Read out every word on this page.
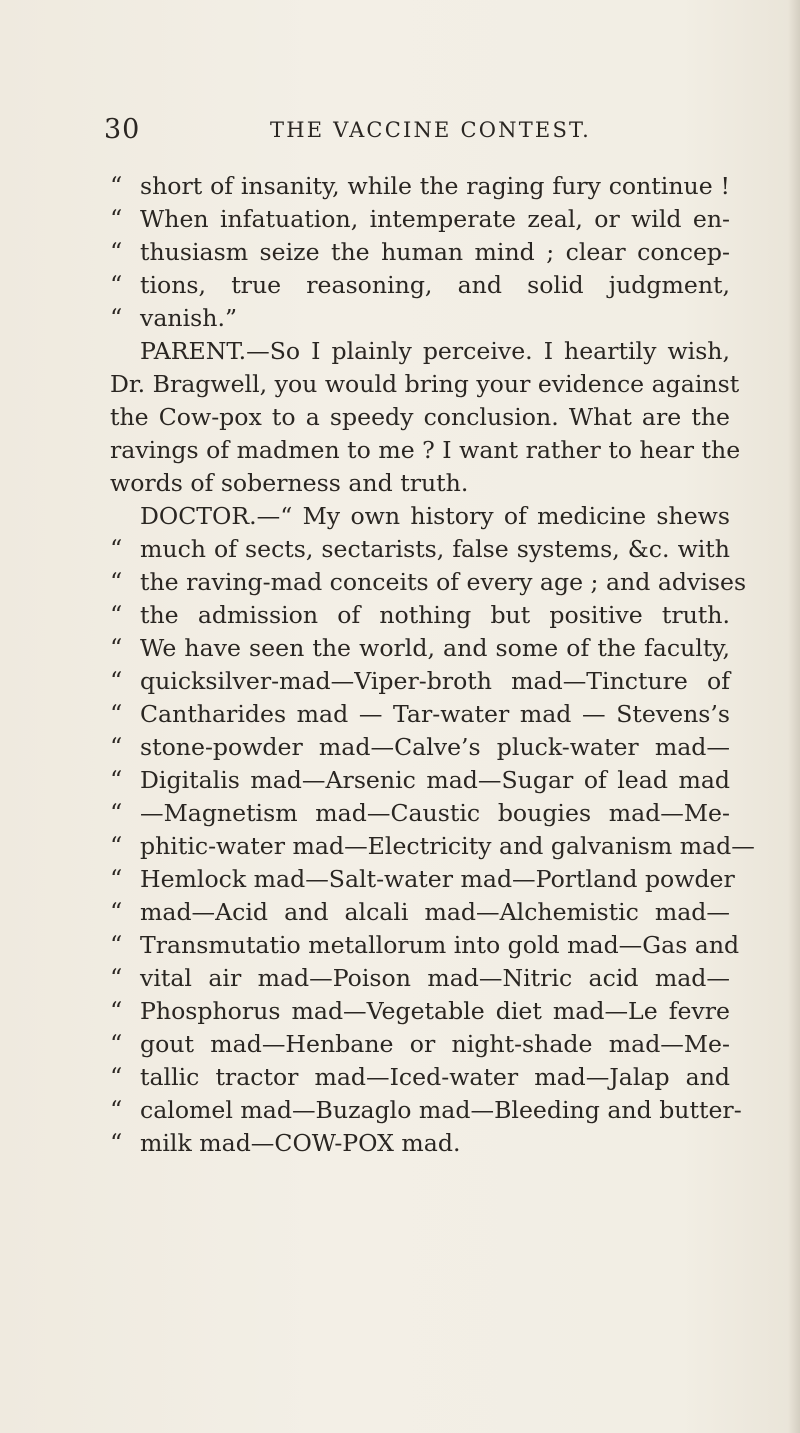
30	THE VACCINE CONTEST.
“ short of insanity, while the raging fury continue !
“ When infatuation, intemperate zeal, or wild en-
“ thusiasm seize the human mind ; clear concep-
“ tions, true reasoning, and solid judgment,
“ vanish.”
PARENT.—So I plainly perceive. I heartily wish,
Dr. Bragwell, you would bring your evidence against
the Cow-pox to a speedy conclusion. What are the
ravings of madmen to me ? I want rather to hear the
words of soberness and truth.
DOCTOR.—“ My own history of medicine shews
“ much of sects, sectarists, false systems, &c. with
“ the raving-mad conceits of every age ; and advises
“ the admission of nothing but positive truth.
“ We have seen the world, and some of the faculty,
“ quicksilver-mad—Viper-broth mad—Tincture of
“ Cantharides mad — Tar-water mad — Stevens’s
“ stone-powder mad—Calve’s pluck-water mad—
“ Digitalis mad—Arsenic mad—Sugar of lead mad
“ —Magnetism mad—Caustic bougies mad—Me-
“ phitic-water mad—Electricity and galvanism mad—
“ Hemlock mad—Salt-water mad—Portland powder
“ mad—Acid and alcali mad—Alchemistic mad—
“ Transmutatio metallorum into gold mad—Gas and
“ vital air mad—Poison mad—Nitric acid mad—
“ Phosphorus mad—Vegetable diet mad—Le fevre
“ gout mad—Henbane or night-shade mad—Me-
“ tallic tractor mad—Iced-water mad—Jalap and
“ calomel mad—Buzaglo mad—Bleeding and butter-
“ milk mad—COW-POX mad.
